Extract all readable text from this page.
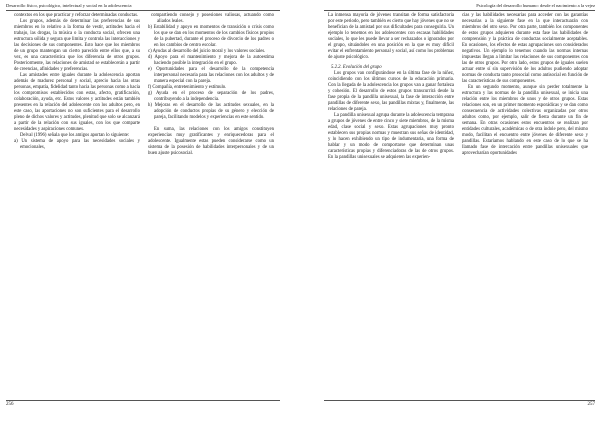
Desarrollo físico, psicológico, intelectual y social en la adolescencia

contextos en los que practicar y reforzar determinadas conductas.

Los grupos, además de determinar las preferencias de sus miembros en lo relativo a la forma de vestir, actitudes hacia el trabajo, las drogas, la música o la conducta social, ofrecen una estructura sólida y segura que limita y controla las interacciones y las decisiones de sus componentes. Esto hace que los miembros de un grupo mantengan un cierto parecido entre ellos que, a su vez, es una característica que los diferencia de otros grupos. Posteriormente, las relaciones de amistad se establecerán a partir de creencias, afinidades y preferencias.

Las amistades entre iguales durante la adolescencia aportan además de madurez personal y social, aprecio hacia las otras personas, empatía, fidelidad tanto hacia las personas como a hacia los compromisos establecidos con estas, afecto, gratificación, colaboración, ayuda, etc. Estos valores y actitudes están también presentes en la relación del adolescente con los adultos pero, en este caso, las aportaciones no son suficientes para el desarrollo pleno de dichos valores y actitudes, plenitud que solo se alcanzará a partir de la relación con sus iguales, con los que comparte necesidades y aspiraciones comunes.

Delval (1996) señala que los amigos aportan lo siguiente:

a) Un sistema de apoyo para las necesidades sociales y emocionales,

compartiendo consejo y posesiones valiosas, actuando como aliados leales.

b) Estabilidad y apoyo en momentos de transición o crisis como los que se dan en los momentos de los cambios físicos propios de la pubertad, durante el proceso de divorcio de los padres o en los cambios de centro escolar.

c) Ayudas al desarrollo del juicio moral y los valores sociales.

d) Apoyo para el mantenimiento y mejora de la autoestima haciendo posible la integración en el grupo.

e) Oportunidades para el desarrollo de la competencia interpersonal necesaria para las relaciones con los adultos y de manera especial con la pareja.

f) Compañía, entretenimiento y estímulo.

g) Ayuda en el proceso de separación de los padres, contribuyendo a la independencia.

h) Mejoras en el desarrollo de las actitudes sexuales, en la adopción de conductos propias de su género y elección de pareja, facilitando modelos y experiencias en este sentido.

En suma, las relaciones con los amigos constituyen experiencias muy gratificantes y enriquecedoras para el adolescente. Igualmente estas pueden considerarse como un sistema de la posesión de habilidades interpersonales y de un buen ajuste psicosocial.

256
Psicología del desarrollo humano: desde el nacimiento a la vejez

La inmensa mayoría de jóvenes transitan de forma satisfactoria por este periodo, pero también es cierto que hay jóvenes que no se benefician de la amistad por sus dificultades para conseguirla. Un ejemplo lo tenemos en los adolescentes con escasas habilidades sociales, lo que les puede llevar a ser rechazados o ignorados por el grupo, situándoles en una posición en la que es muy difícil evitar el enfrentamiento personal y social, así como los problemas de ajuste psicológico.

5.2.2. Evolución del grupo

Los grupos van configurándose en la última fase de la niñez, coincidiendo con los últimos cursos de la educación primaria. Con la llegada de la adolescencia los grupos van a ganar fortaleza y cohesión. El desarrollo de estos grupos transcurrirá desde la fase propia de la pandilla unisexual, la fase de interacción entre pandillas de diferente sexo, las pandillas mixtas y, finalmente, las relaciones de pareja.

La pandilla unisexual agrupa durante la adolescencia temprana a grupos de jóvenes de entre cinco y siete miembros, de la misma edad, clase social y sexo. Estas agrupaciones muy pronto establecen sus propias normas y muestran sus señas de identidad, y lo hacen exhibiendo un tipo de indumentaria, una forma de hablar y un modo de comportarse que determinan unas características propias y diferenciadoras de las de otros grupos. En la pandillas unisexuales se adquieren las experien-

cias y las habilidades necesarias para acceder con las garantías necesarias a la siguiente fase en la que interactuarán con miembros del otro sexo. Por otra parte, también los componentes de estos grupos adquieren durante esta fase las habilidades de comprensión y la práctica de conductas socialmente aceptables. En ocasiones, los efectos de estas agrupaciones son considerados negativos. Un ejemplo lo tenemos cuando las normas internas impuestas llegan a limitar las relaciones de sus componentes con las de otros grupos. Por otro lado, estos grupos de iguales suelen actuar entre sí sin supervisión de los adultos pudiendo adoptar normas de conducta tanto prosocial como antisocial en función de las características de sus componentes.

En un segundo momento, aunque sin perder totalmente la estructura y las normas de la pandilla unisexual, se inicia una relación entre los miembros de unos y de otros grupos. Estas relaciones son, en un primer momento esporádicas y se dan como consecuencia de actividades colectivas organizadas por otros adultos como, por ejemplo, salir de fiesta durante un fin de semana. En otras ocasiones estos encuentros se realizan por entidades culturales, académicas o de otra índole pero, del mismo modo, facilitan el encuentro entre jóvenes de diferente sexo y pandillas. Estaríamos hablando en este caso de lo que se ha llamado fase de intercación entre pandillas unisexuales que aprovecharían oportunidades

257
